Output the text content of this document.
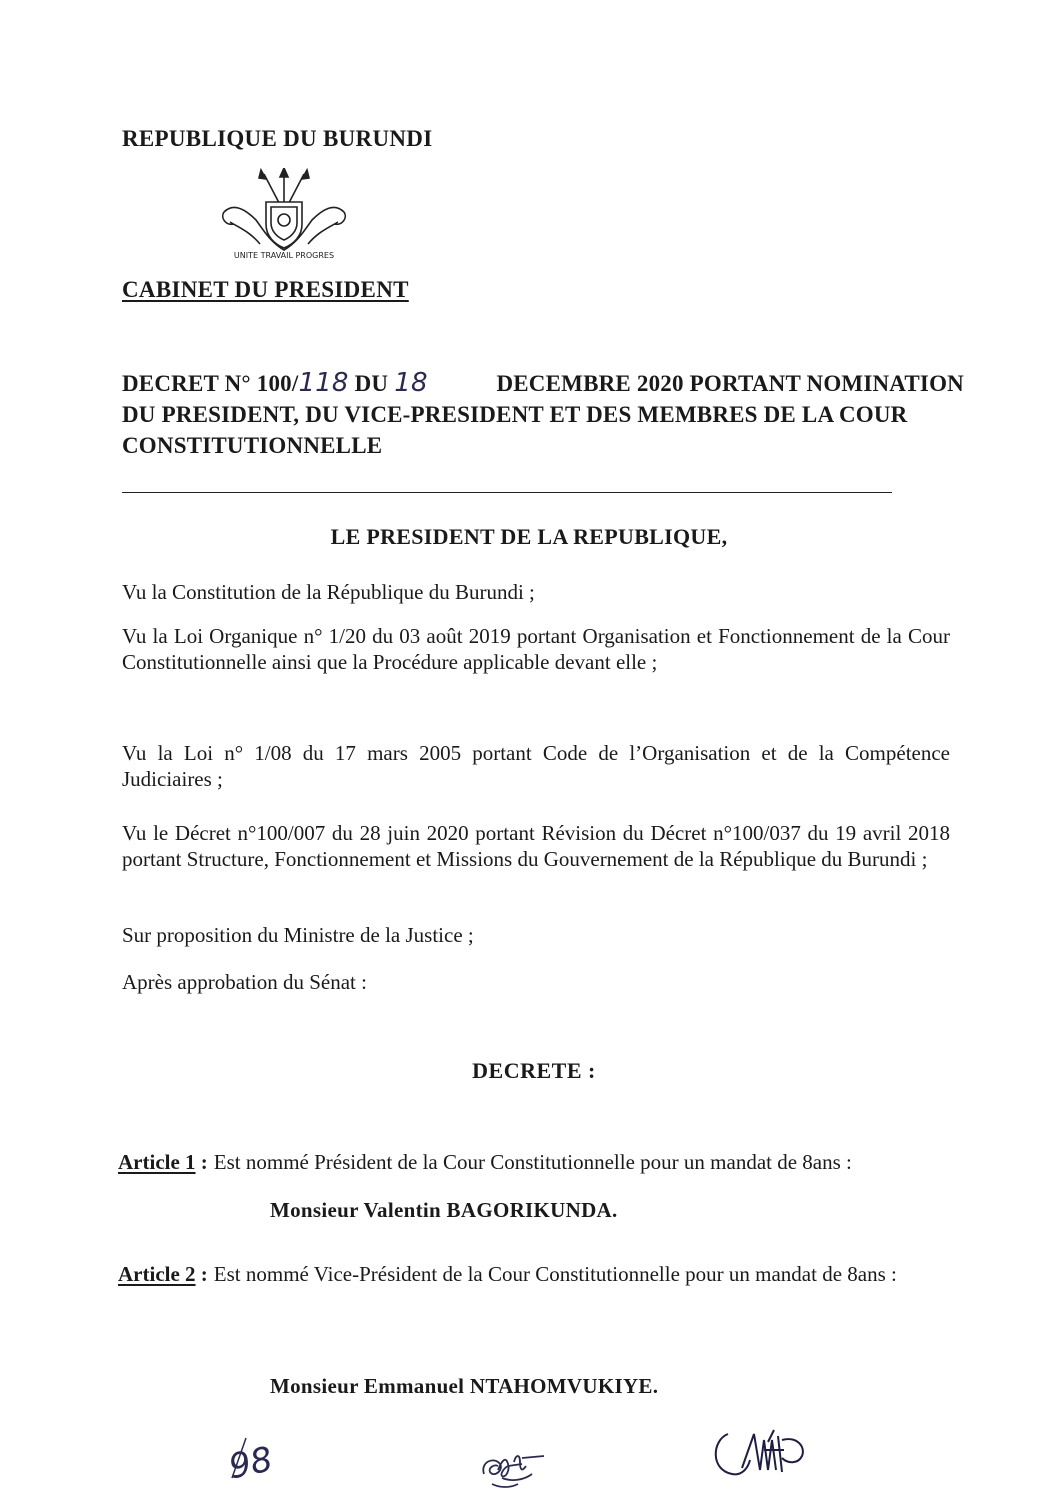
REPUBLIQUE DU BURUNDI

UNITE TRAVAIL PROGRES

CABINET DU PRESIDENT

DECRET N° 100/118 DU 18	DECEMBRE 2020 PORTANT NOMINATION
DU PRESIDENT, DU VICE-PRESIDENT ET DES MEMBRES DE LA COUR
CONSTITUTIONNELLE

LE PRESIDENT DE LA REPUBLIQUE,

Vu la Constitution de la République du Burundi ;

Vu la Loi Organique n° 1/20 du 03 août 2019 portant Organisation et Fonctionnement de la Cour Constitutionnelle ainsi que la Procédure applicable devant elle ;

Vu la Loi n° 1/08 du 17 mars 2005 portant Code de l’Organisation et de la Compétence Judiciaires ;

Vu le Décret n°100/007 du 28 juin 2020 portant Révision du Décret n°100/037 du 19 avril 2018 portant Structure, Fonctionnement et Missions du Gouvernement de la République du Burundi ;

Sur proposition du Ministre de la Justice ;

Après approbation du Sénat :

DECRETE :

Article 1 : Est nommé Président de la Cour Constitutionnelle pour un mandat de 8ans :

Monsieur Valentin BAGORIKUNDA.

Article 2 : Est nommé Vice-Président de la Cour Constitutionnelle pour un mandat de 8ans :

Monsieur Emmanuel NTAHOMVUKIYE.

98
